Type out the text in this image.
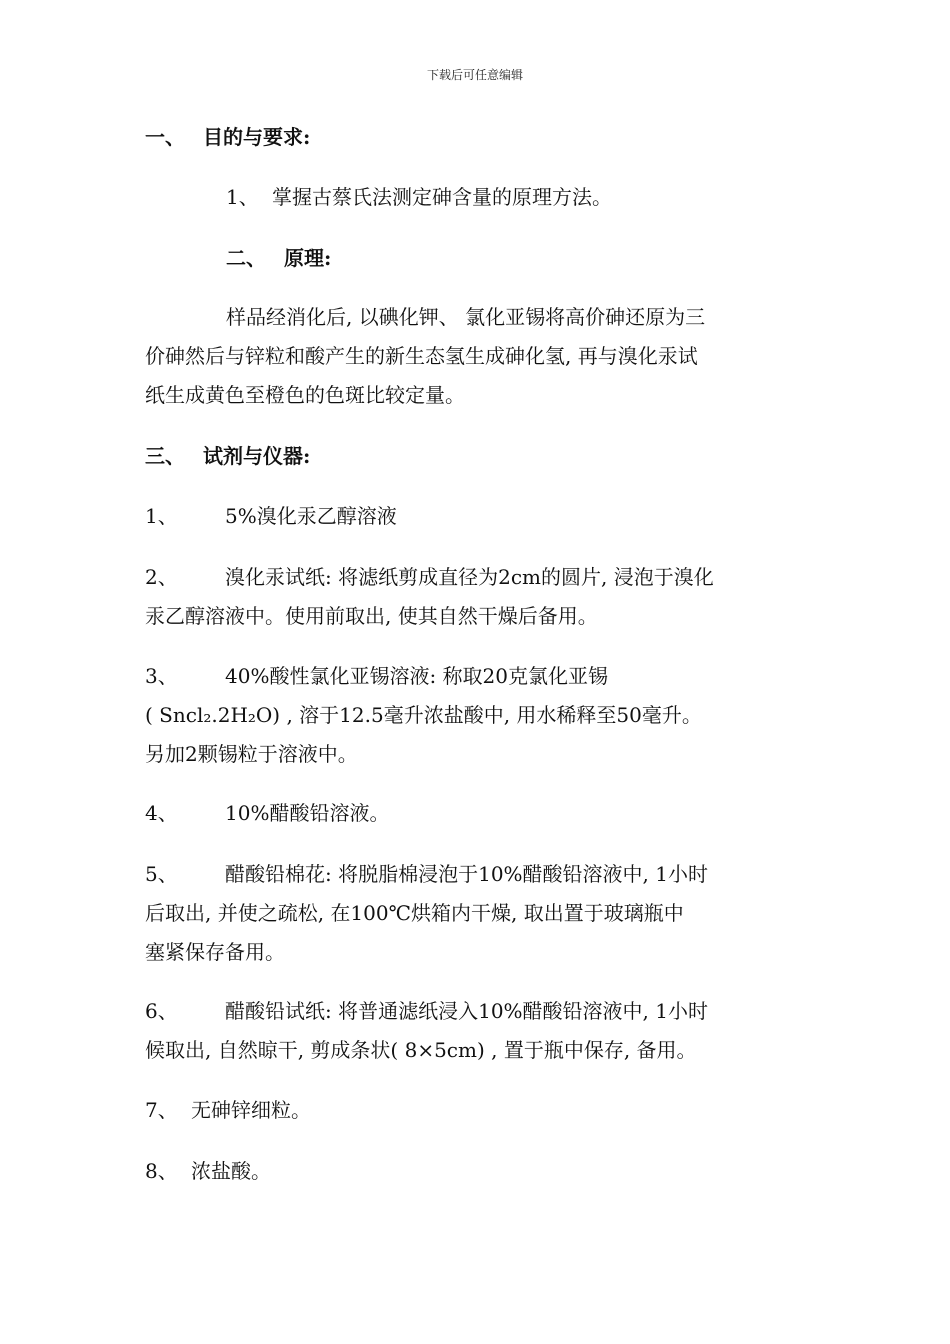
下载后可任意编辑
一、 目的与要求:
1、 掌握古蔡氏法测定砷含量的原理方法。
二、 原理:
样品经消化后, 以碘化钾、 氯化亚锡将高价砷还原为三
价砷然后与锌粒和酸产生的新生态氢生成砷化氢, 再与溴化汞试
纸生成黄色至橙色的色斑比较定量。
三、 试剂与仪器:
1、 5%溴化汞乙醇溶液
2、 溴化汞试纸: 将滤纸剪成直径为2cm的圆片, 浸泡于溴化
汞乙醇溶液中。使用前取出, 使其自然干燥后备用。
3、 40%酸性氯化亚锡溶液: 称取20克氯化亚锡
( Sncl₂.2H₂O) , 溶于12.5毫升浓盐酸中, 用水稀释至50毫升。
另加2颗锡粒于溶液中。
4、 10%醋酸铅溶液。
5、 醋酸铅棉花: 将脱脂棉浸泡于10%醋酸铅溶液中, 1小时
后取出, 并使之疏松, 在100℃烘箱内干燥, 取出置于玻璃瓶中
塞紧保存备用。
6、 醋酸铅试纸: 将普通滤纸浸入10%醋酸铅溶液中, 1小时
候取出, 自然晾干, 剪成条状( 8×5cm) , 置于瓶中保存, 备用。
7、 无砷锌细粒。
8、 浓盐酸。
